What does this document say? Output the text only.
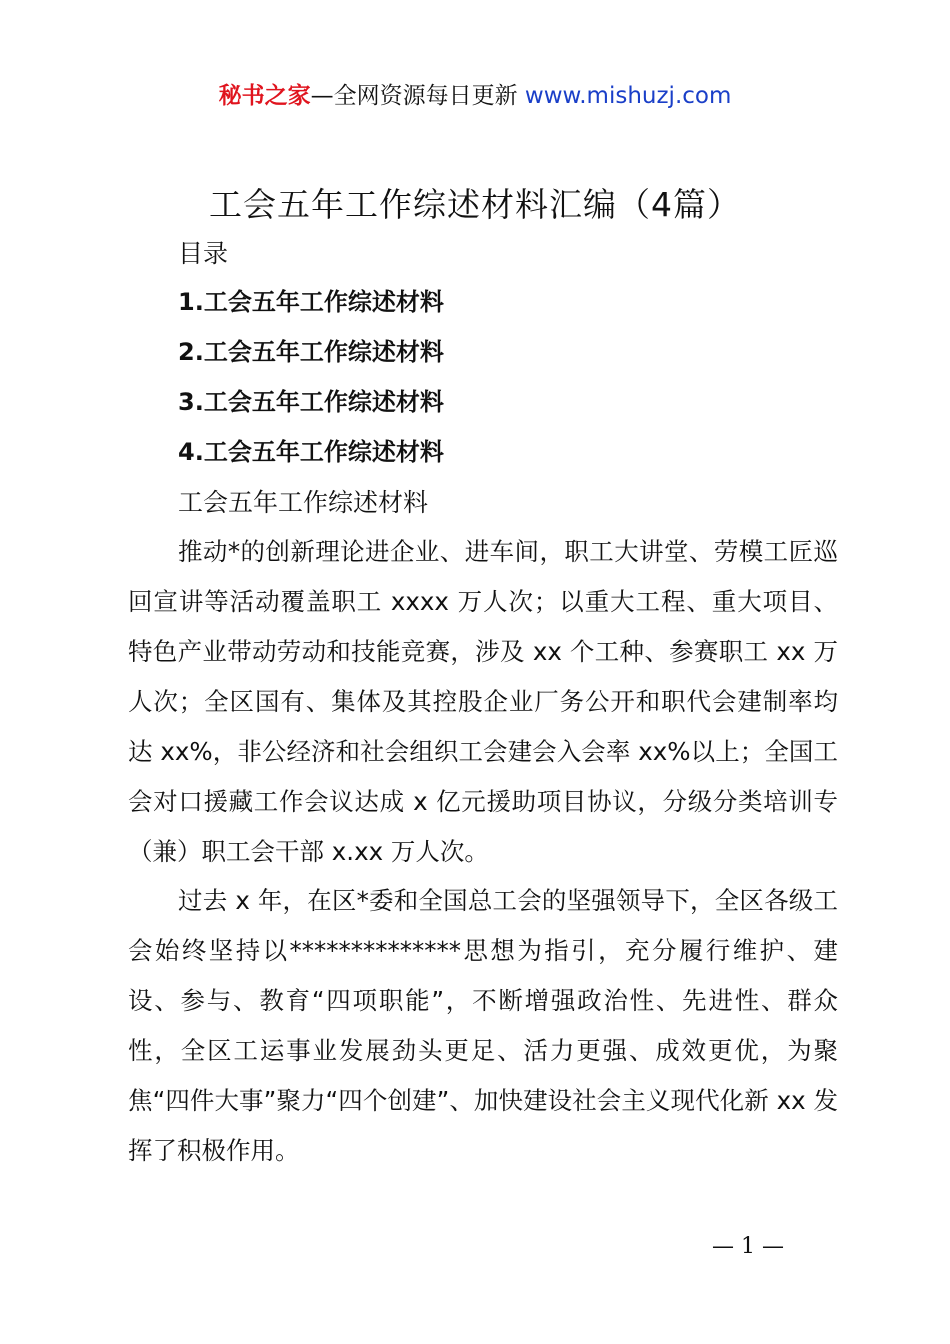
秘书之家—全网资源每日更新 www.mishuzj.com
工会五年工作综述材料汇编（4篇）
目录
1.工会五年工作综述材料
2.工会五年工作综述材料
3.工会五年工作综述材料
4.工会五年工作综述材料
工会五年工作综述材料

推动*的创新理论进企业、进车间，职工大讲堂、劳模工匠巡回宣讲等活动覆盖职工 xxxx 万人次；以重大工程、重大项目、特色产业带动劳动和技能竞赛，涉及 xx 个工种、参赛职工 xx 万人次；全区国有、集体及其控股企业厂务公开和职代会建制率均达 xx%，非公经济和社会组织工会建会入会率 xx%以上；全国工会对口援藏工作会议达成 x 亿元援助项目协议，分级分类培训专（兼）职工会干部 x.xx 万人次。

过去 x 年，在区*委和全国总工会的坚强领导下，全区各级工会始终坚持以**************思想为指引，充分履行维护、建设、参与、教育“四项职能”，不断增强政治性、先进性、群众性，全区工运事业发展劲头更足、活力更强、成效更优，为聚焦“四件大事”聚力“四个创建”、加快建设社会主义现代化新 xx 发挥了积极作用。

— 1 —
